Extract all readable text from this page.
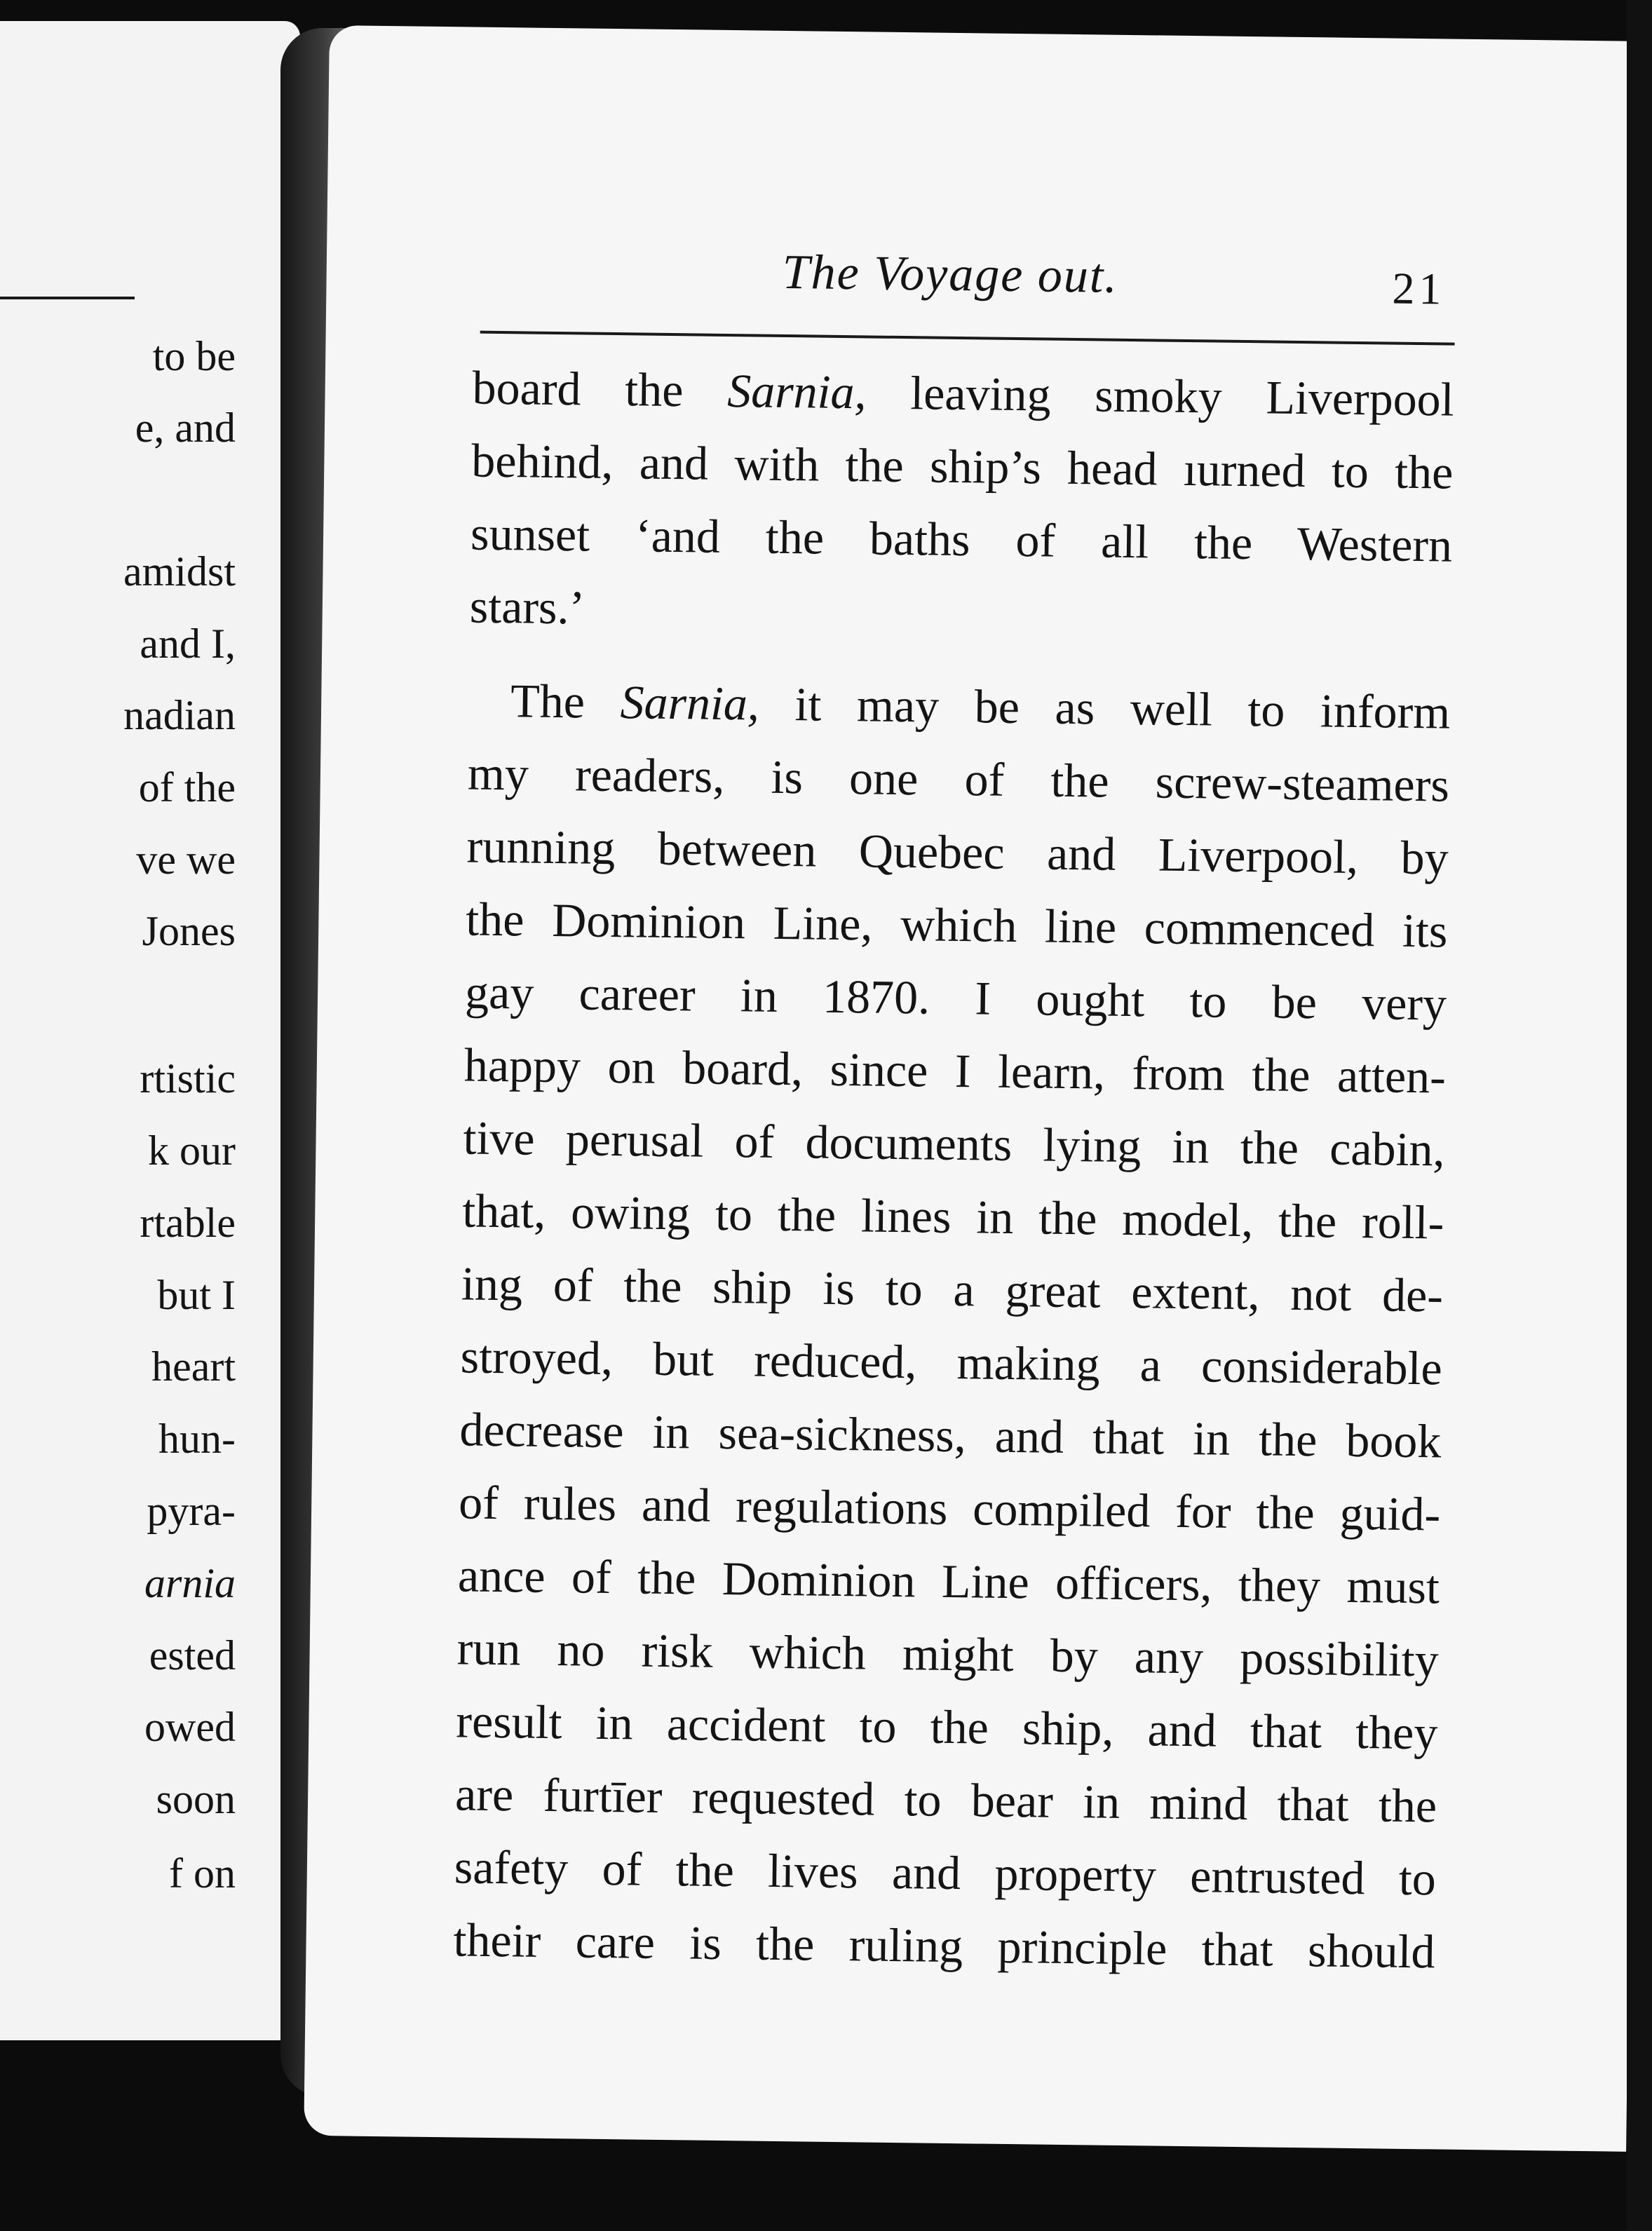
to be
e, and
amidst
and I,
nadian
of the
ve we
Jones
rtistic
k our
rtable
but I
heart
hun-
pyra-
arnia
ested
owed
soon
f on
The Voyage out.	21
board the Sarnia, leaving smoky Liverpool
behind, and with the ship’s head ıurned to the
sunset ‘and the baths of all the Western
stars.’
The Sarnia, it may be as well to inform
my readers, is one of the screw-steamers
running between Quebec and Liverpool, by
the Dominion Line, which line commenced its
gay career in 1870. I ought to be very
happy on board, since I learn, from the atten-
tive perusal of documents lying in the cabin,
that, owing to the lines in the model, the roll-
ing of the ship is to a great extent, not de-
stroyed, but reduced, making a considerable
decrease in sea-sickness, and that in the book
of rules and regulations compiled for the guid-
ance of the Dominion Line officers, they must
run no risk which might by any possibility
result in accident to the ship, and that they
are furtīer requested to bear in mind that the
safety of the lives and property entrusted to
their care is the ruling principle that should
